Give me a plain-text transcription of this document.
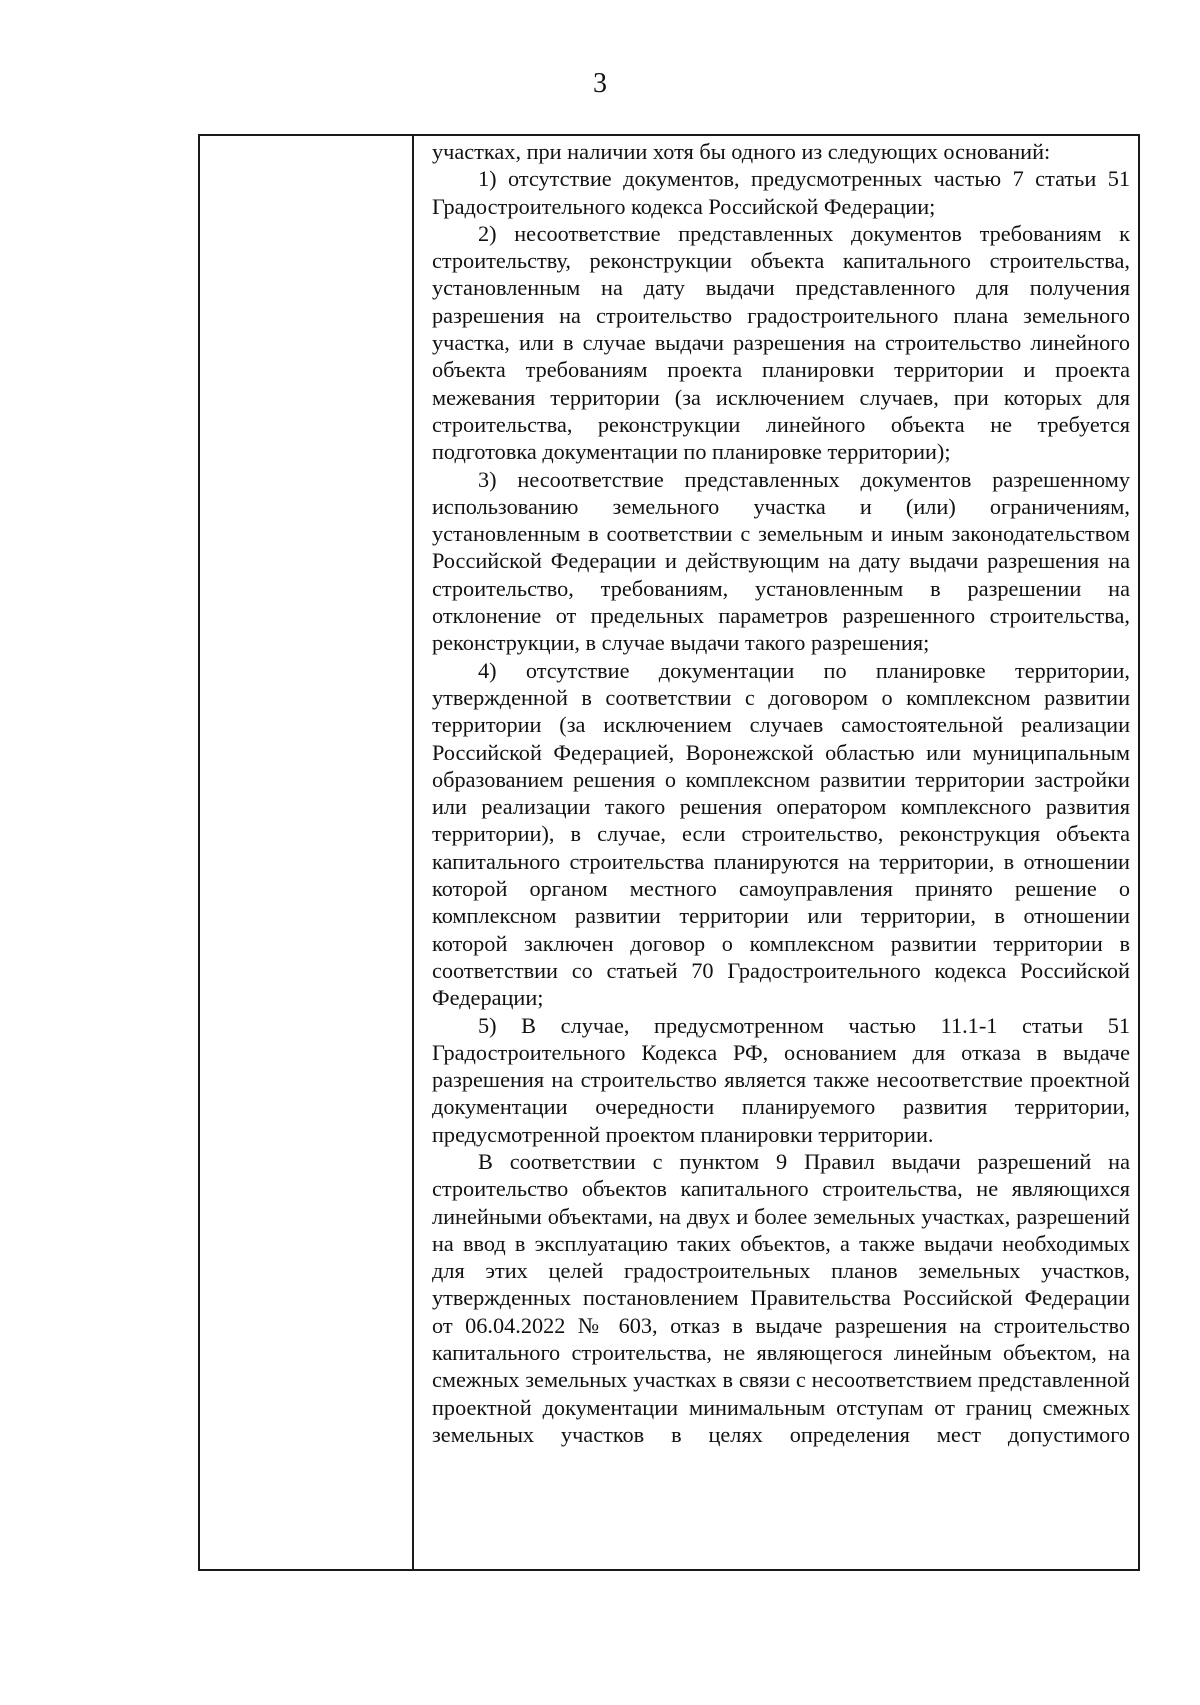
3

участках, при наличии хотя бы одного из следующих оснований:

1) отсутствие документов, предусмотренных частью 7 статьи 51 Градостроительного кодекса Российской Федерации;

2) несоответствие представленных документов требованиям к строительству, реконструкции объекта капитального строительства, установленным на дату выдачи представленного для получения разрешения на строительство градостроительного плана земельного участка, или в случае выдачи разрешения на строительство линейного объекта требованиям проекта планировки территории и проекта межевания территории (за исключением случаев, при которых для строительства, реконструкции линейного объекта не требуется подготовка документации по планировке территории);

3) несоответствие представленных документов разрешенному использованию земельного участка и (или) ограничениям, установленным в соответствии с земельным и иным законодательством Российской Федерации и действующим на дату выдачи разрешения на строительство, требованиям, установленным в разрешении на отклонение от предельных параметров разрешенного строительства, реконструкции, в случае выдачи такого разрешения;

4) отсутствие документации по планировке территории, утвержденной в соответствии с договором о комплексном развитии территории (за исключением случаев самостоятельной реализации Российской Федерацией, Воронежской областью или муниципальным образованием решения о комплексном развитии территории застройки или реализации такого решения оператором комплексного развития территории), в случае, если строительство, реконструкция объекта капитального строительства планируются на территории, в отношении которой органом местного самоуправления принято решение о комплексном развитии территории или территории, в отношении которой заключен договор о комплексном развитии территории в соответствии со статьей 70 Градостроительного кодекса Российской Федерации;

5) В случае, предусмотренном частью 11.1-1 статьи 51 Градостроительного Кодекса РФ, основанием для отказа в выдаче разрешения на строительство является также несоответствие проектной документации очередности планируемого развития территории, предусмотренной проектом планировки территории.

В соответствии с пунктом 9 Правил выдачи разрешений на строительство объектов капитального строительства, не являющихся линейными объектами, на двух и более земельных участках, разрешений на ввод в эксплуатацию таких объектов, а также выдачи необходимых для этих целей градостроительных планов земельных участков, утвержденных постановлением Правительства Российской Федерации от 06.04.2022 № 603, отказ в выдаче разрешения на строительство капитального строительства, не являющегося линейным объектом, на смежных земельных участках в связи с несоответствием представленной проектной документации минимальным отступам от границ смежных земельных участков в целях определения мест допустимого
